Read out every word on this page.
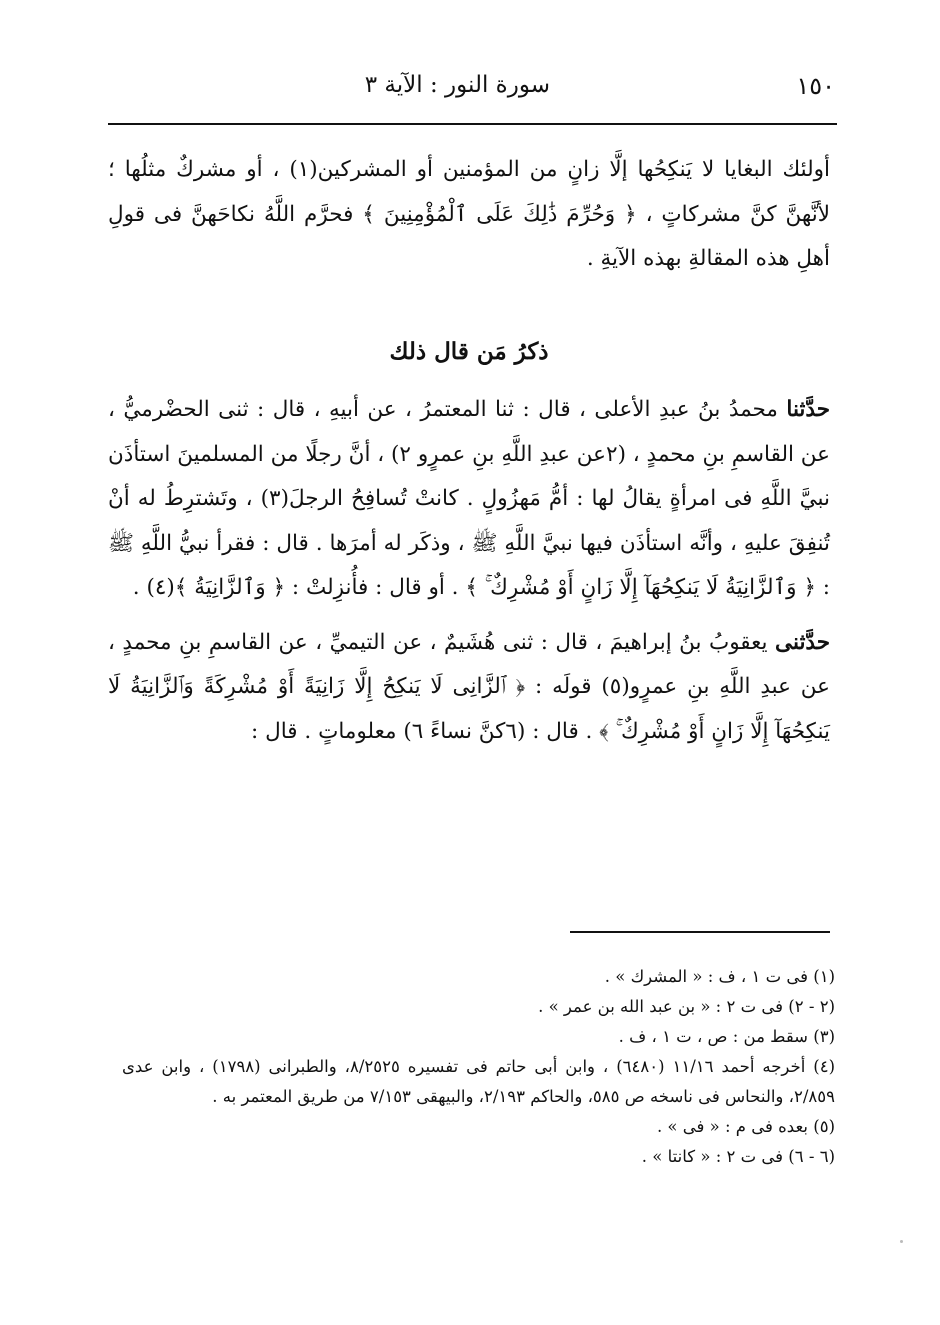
١٥٠
سورة النور : الآية ٣

أولئك البغايا لا يَنكِحُها إلَّا زانٍ من المؤمنين أو المشركين(١) ، أو مشركٌ مثلُها ؛ لأنَّهنَّ كنَّ مشركاتٍ ، ﴿ وَحُرِّمَ ذَٰلِكَ عَلَى ٱلْمُؤْمِنِينَ ﴾ فحرَّم اللَّهُ نكاحَهنَّ فى قولِ أهلِ هذه المقالةِ بهذه الآيةِ .

ذكرُ مَن قال ذلك

حدَّثنا محمدُ بنُ عبدِ الأعلى ، قال : ثنا المعتمرُ ، عن أبيهِ ، قال : ثنى الحضْرميُّ ، عن القاسمِ بنِ محمدٍ ، (٢عن عبدِ اللَّهِ بنِ عمرٍو ٢) ، أنَّ رجلًا من المسلمينَ استأذَن نبيَّ اللَّهِ فى امرأةٍ يقالُ لها : أمُّ مَهزُولٍ . كانتْ تُسافِحُ الرجلَ(٣) ، وتَشترِطُ له أنْ تُنفِقَ عليهِ ، وأنَّه استأذَن فيها نبيَّ اللَّهِ ﷺ ، وذكَر له أمرَها . قال : فقرأ نبيُّ اللَّهِ ﷺ : ﴿ وَٱلزَّانِيَةُ لَا يَنكِحُهَآ إِلَّا زَانٍ أَوْ مُشْرِكٌ ۚ ﴾ . أو قال : فأُنزِلتْ : ﴿ وَٱلزَّانِيَةُ ﴾(٤) .

حدَّثنى يعقوبُ بنُ إبراهيمَ ، قال : ثنى هُشَيمٌ ، عن التيميِّ ، عن القاسمِ بنِ محمدٍ ، عن عبدِ اللَّهِ بنِ عمرٍو(٥) قولَه : ﴿ ٱلزَّانِى لَا يَنكِحُ إِلَّا زَانِيَةً أَوْ مُشْرِكَةً وَٱلزَّانِيَةُ لَا يَنكِحُهَآ إِلَّا زَانٍ أَوْ مُشْرِكٌ ۚ ﴾ . قال : (٦كنَّ نساءً ٦) معلوماتٍ . قال :

(١) فى ت ١ ، ف : « المشرك » .

(٢ - ٢) فى ت ٢ : « بن عبد الله بن عمر » .

(٣) سقط من : ص ، ت ١ ، ف .

(٤) أخرجه أحمد ١١/١٦ (٦٤٨٠) ، وابن أبى حاتم فى تفسيره ٨/٢٥٢٥، والطبرانى (١٧٩٨) ، وابن عدى ٢/٨٥٩، والنحاس فى ناسخه ص ٥٨٥، والحاكم ٢/١٩٣، والبيهقى ٧/١٥٣ من طريق المعتمر به .

(٥) بعده فى م : « فى » .

(٦ - ٦) فى ت ٢ : « كانتا » .
